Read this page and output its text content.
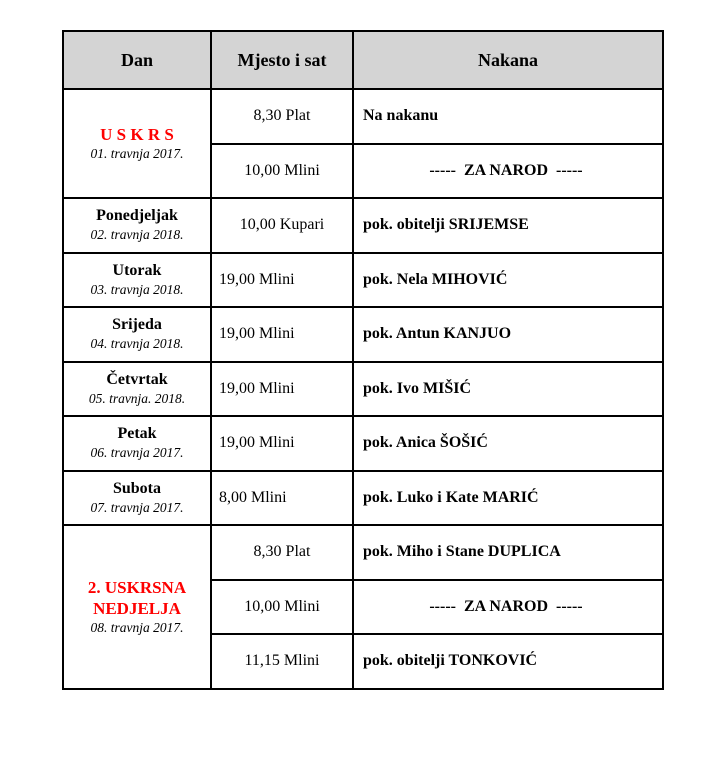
Dan	Mjesto i sat	Nakana

U S K R S
01. travnja 2017.	8,30 Plat	Na nakanu
	10,00 Mlini	-----  ZA NAROD  -----

Ponedjeljak
02. travnja 2018.	10,00 Kupari	pok. obitelji SRIJEMSE

Utorak
03. travnja 2018.	19,00 Mlini	pok. Nela MIHOVIĆ

Srijeda
04. travnja 2018.	19,00 Mlini	pok. Antun KANJUO

Četvrtak
05. travnja. 2018.	19,00 Mlini	pok. Ivo MIŠIĆ

Petak
06. travnja 2017.	19,00 Mlini	pok. Anica ŠOŠIĆ

Subota
07. travnja 2017.	8,00 Mlini	pok. Luko i Kate MARIĆ

2. USKRSNA NEDJELJA
08. travnja 2017.	8,30 Plat	pok. Miho i Stane DUPLICA
	10,00 Mlini	-----  ZA NAROD  -----
	11,15 Mlini	pok. obitelji TONKOVIĆ
